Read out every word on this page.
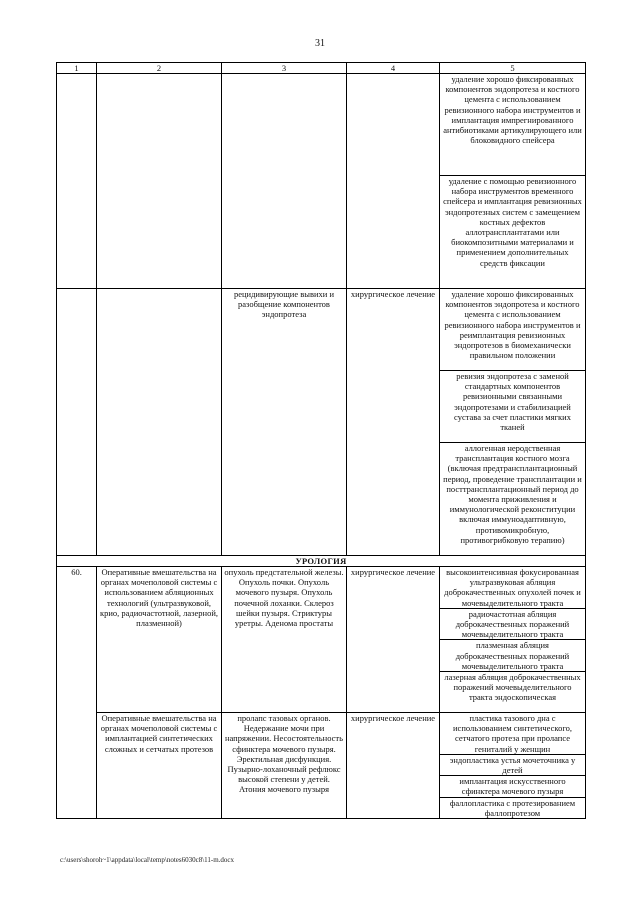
31
1	2	3	4	5
				удаление хорошо фиксированных компонентов эндопротеза и костного цемента с использованием ревизионного набора инструментов и имплантация импрегнированного антибиотиками артикулирующего или блоковидного спейсера
				удаление с помощью ревизионного набора инструментов временного спейсера и имплантация ревизионных эндопротезных систем с замещением костных дефектов аллотрансплантатами или биокомпозитными материалами и применением дополнительных средств фиксации
		рецидивирующие вывихи и разобщение компонентов эндопротеза	хирургическое лечение	удаление хорошо фиксированных компонентов эндопротеза и костного цемента с использованием ревизионного набора инструментов и реимплантация ревизионных эндопротезов в биомеханически правильном положении
				ревизия эндопротеза с заменой стандартных компонентов ревизионными связанными эндопротезами и стабилизацией сустава за счет пластики мягких тканей
				аллогенная неродственная трансплантация костного мозга (включая предтрансплантационный период, проведение трансплантации и посттрансплантационный период до момента приживления и иммунологической реконституции включая иммуноадаптивную, противомикробную, противогрибковую терапию)
УРОЛОГИЯ				
60.	Оперативные вмешательства на органах мочеполовой системы с использованием абляционных технологий (ультразвуковой, крио, радиочастотной, лазерной, плазменной)	опухоль предстательной железы. Опухоль почки. Опухоль мочевого пузыря. Опухоль почечной лоханки. Склероз шейки пузыря. Стриктуры уретры. Аденома простаты	хирургическое лечение	высокоинтенсивная фокусированная ультразвуковая абляция доброкачественных опухолей почек и мочевыделительного тракта
				радиочастотная абляция доброкачественных поражений мочевыделительного тракта
				плазменная абляция доброкачественных поражений мочевыделительного тракта
				лазерная абляция доброкачественных поражений мочевыделительного тракта эндоскопическая
	Оперативные вмешательства на органах мочеполовой системы с имплантацией синтетических сложных и сетчатых протезов	пролапс тазовых органов. Недержание мочи при напряжении. Несостоятельность сфинктера мочевого пузыря. Эректильная дисфункция. Пузырно-лоханочный рефлюкс высокой степени у детей. Атония мочевого пузыря	хирургическое лечение	пластика тазового дна с использованием синтетического, сетчатого протеза при пролапсе гениталий у женщин
				эндопластика устья мочеточника у детей
				имплантация искусственного сфинктера мочевого пузыря
				фаллопластика с протезированием фаллопротезом
c:\users\shoroh~1\appdata\local\temp\notes6030c8\11-m.docx
